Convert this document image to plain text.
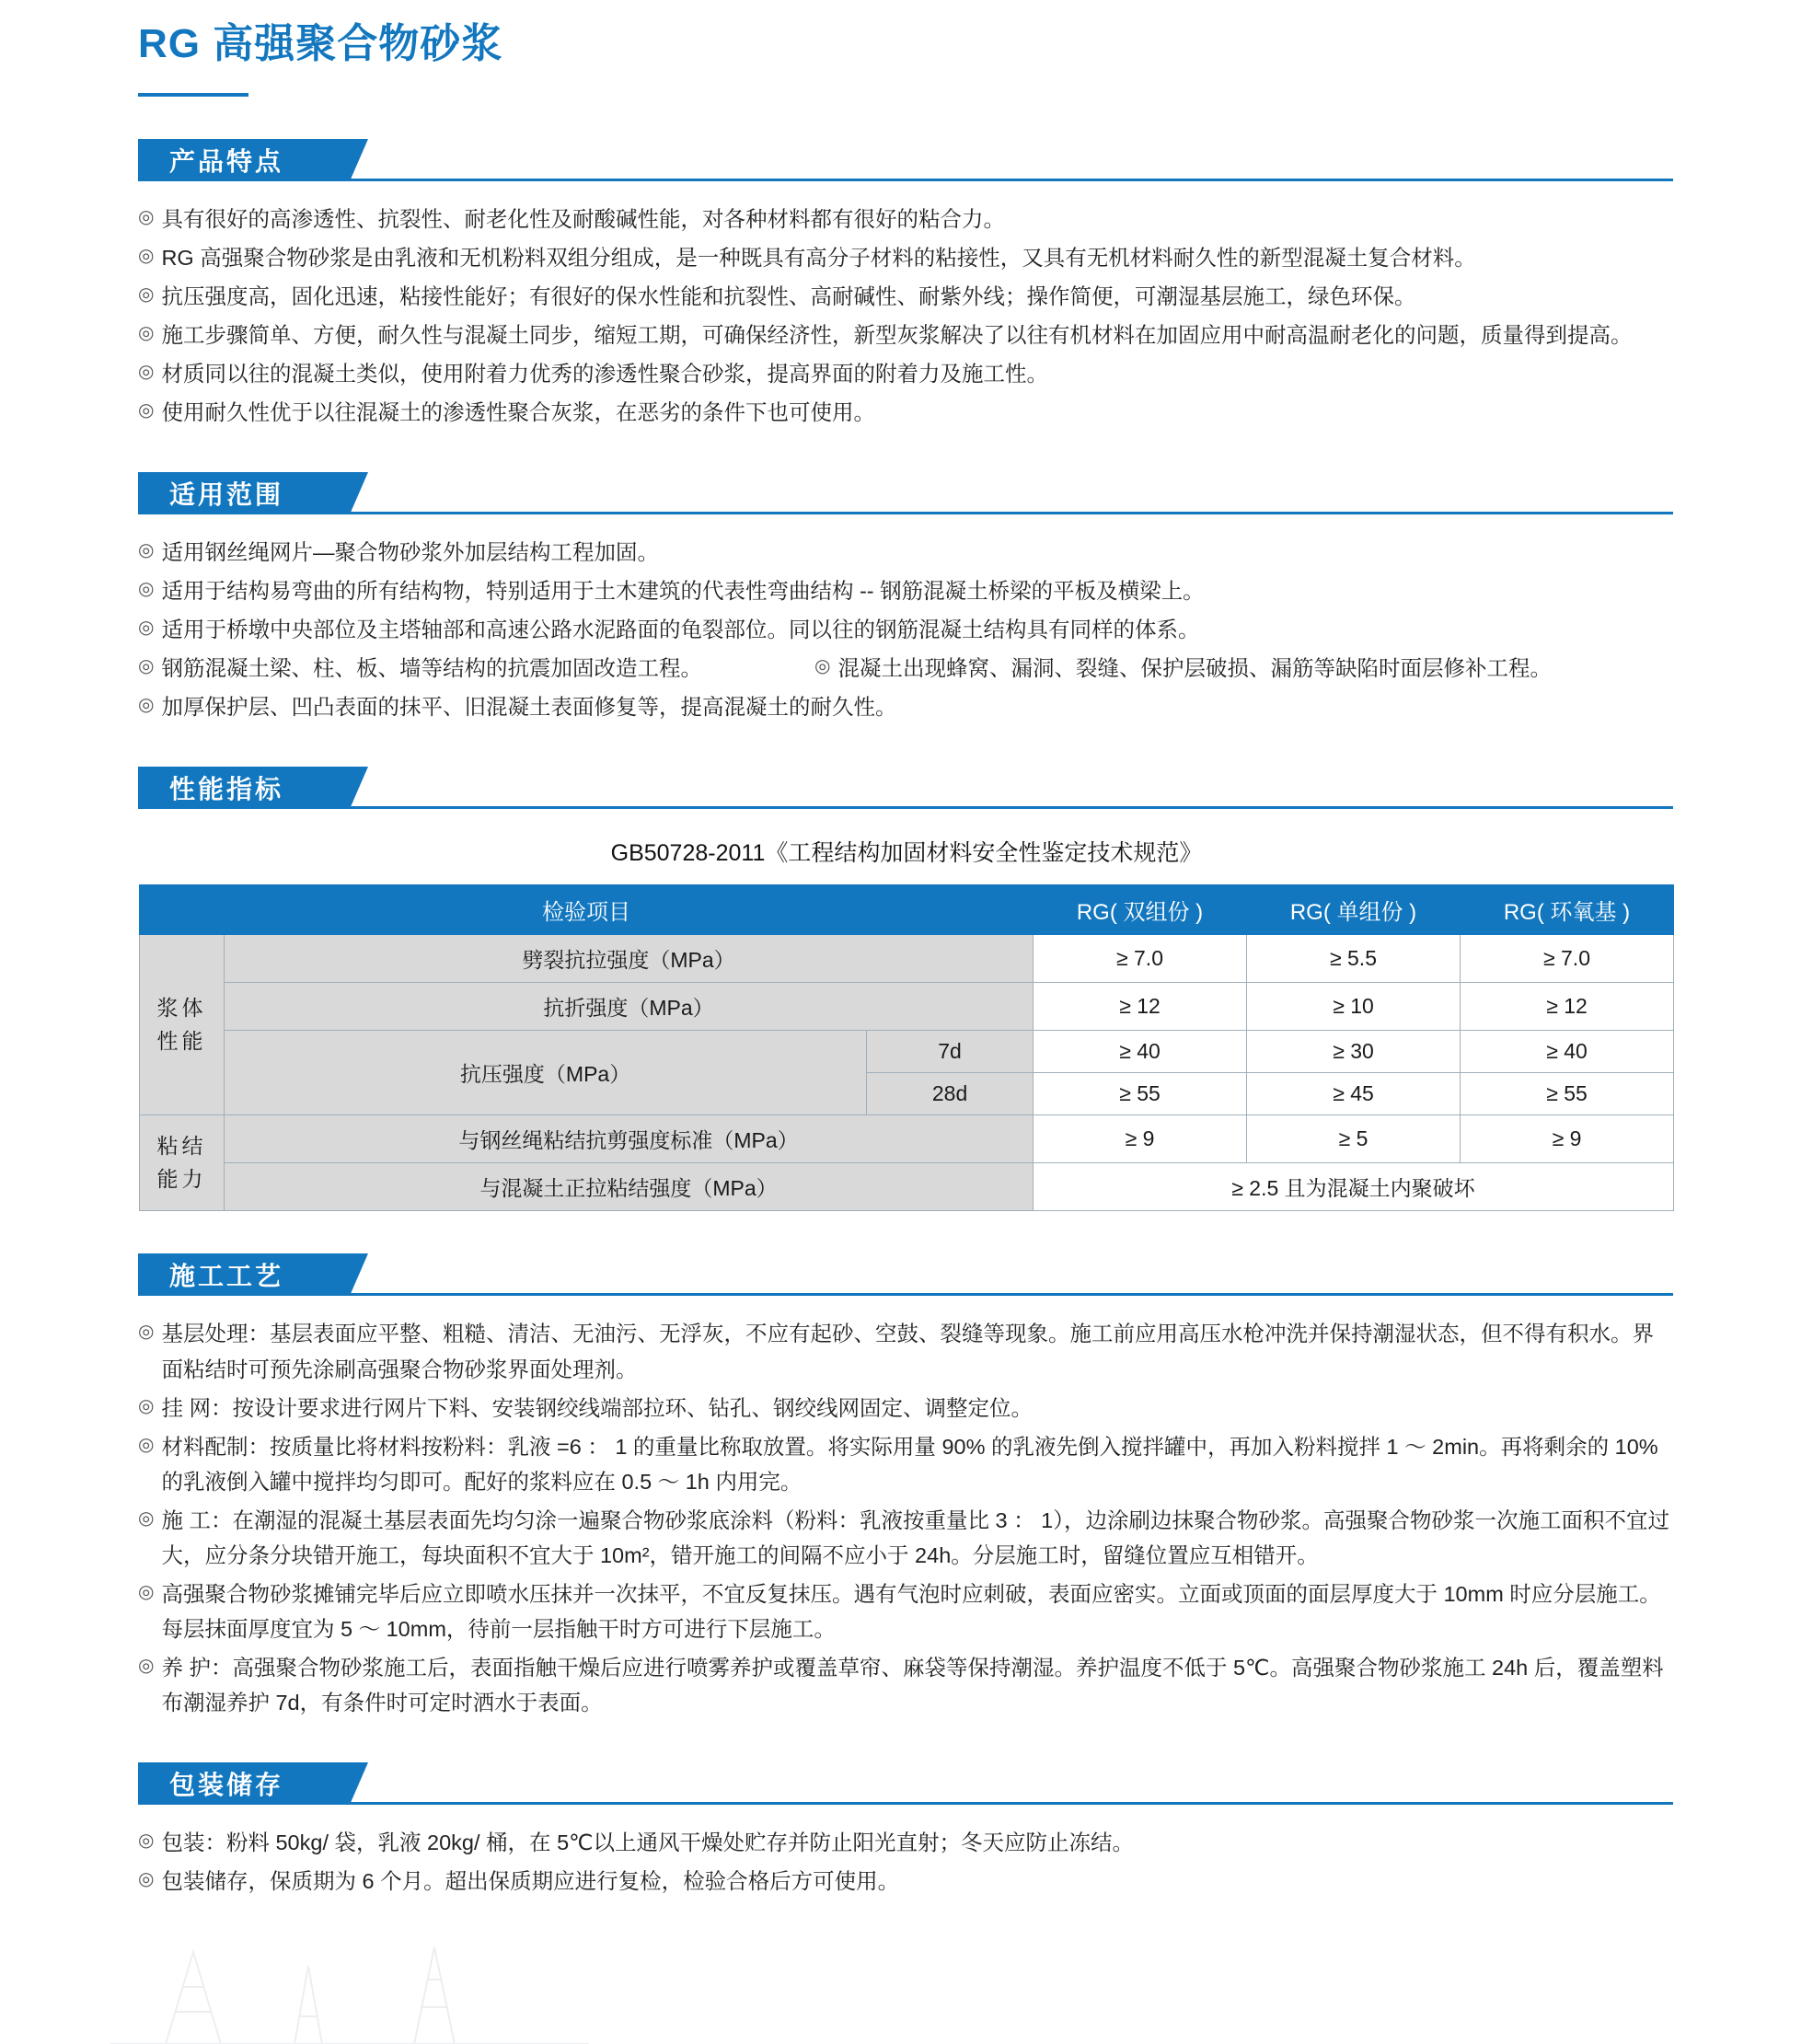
RG 高强聚合物砂浆
产品特点
◎ 具有很好的高渗透性、抗裂性、耐老化性及耐酸碱性能，对各种材料都有很好的粘合力。
◎ RG 高强聚合物砂浆是由乳液和无机粉料双组分组成，是一种既具有高分子材料的粘接性，又具有无机材料耐久性的新型混凝土复合材料。
◎ 抗压强度高，固化迅速，粘接性能好；有很好的保水性能和抗裂性、高耐碱性、耐紫外线；操作简便，可潮湿基层施工，绿色环保。
◎ 施工步骤简单、方便，耐久性与混凝土同步，缩短工期，可确保经济性，新型灰浆解决了以往有机材料在加固应用中耐高温耐老化的问题，质量得到提高。
◎ 材质同以往的混凝土类似，使用附着力优秀的渗透性聚合砂浆，提高界面的附着力及施工性。
◎ 使用耐久性优于以往混凝土的渗透性聚合灰浆，在恶劣的条件下也可使用。
适用范围
◎ 适用钢丝绳网片—聚合物砂浆外加层结构工程加固。
◎ 适用于结构易弯曲的所有结构物，特别适用于土木建筑的代表性弯曲结构 -- 钢筋混凝土桥梁的平板及横梁上。
◎ 适用于桥墩中央部位及主塔轴部和高速公路水泥路面的龟裂部位。同以往的钢筋混凝土结构具有同样的体系。
◎ 钢筋混凝土梁、柱、板、墙等结构的抗震加固改造工程。	◎ 混凝土出现蜂窝、漏洞、裂缝、保护层破损、漏筋等缺陷时面层修补工程。
◎ 加厚保护层、凹凸表面的抹平、旧混凝土表面修复等，提高混凝土的耐久性。
性能指标
GB50728-2011《工程结构加固材料安全性鉴定技术规范》
检验项目			RG( 双组份 )	RG( 单组份 )	RG( 环氧基 )
浆体性能	劈裂抗拉强度（MPa）		≥ 7.0	≥ 5.5	≥ 7.0
	抗折强度（MPa）		≥ 12	≥ 10	≥ 12
	抗压强度（MPa）	7d	≥ 40	≥ 30	≥ 40
		28d	≥ 55	≥ 45	≥ 55
粘结能力	与钢丝绳粘结抗剪强度标准（MPa）		≥ 9	≥ 5	≥ 9
	与混凝土正拉粘结强度（MPa）		≥ 2.5 且为混凝土内聚破坏		
施工工艺
◎ 基层处理：基层表面应平整、粗糙、清洁、无油污、无浮灰，不应有起砂、空鼓、裂缝等现象。施工前应用高压水枪冲洗并保持潮湿状态，但不得有积水。界面粘结时可预先涂刷高强聚合物砂浆界面处理剂。
◎ 挂 网：按设计要求进行网片下料、安装钢绞线端部拉环、钻孔、钢绞线网固定、调整定位。
◎ 材料配制：按质量比将材料按粉料：乳液 =6 ： 1 的重量比称取放置。将实际用量 90% 的乳液先倒入搅拌罐中，再加入粉料搅拌 1 ～ 2min。再将剩余的 10% 的乳液倒入罐中搅拌均匀即可。配好的浆料应在 0.5 ～ 1h 内用完。
◎ 施 工：在潮湿的混凝土基层表面先均匀涂一遍聚合物砂浆底涂料（粉料：乳液按重量比 3 ： 1），边涂刷边抹聚合物砂浆。高强聚合物砂浆一次施工面积不宜过大，应分条分块错开施工，每块面积不宜大于 10m²，错开施工的间隔不应小于 24h。分层施工时，留缝位置应互相错开。
◎ 高强聚合物砂浆摊铺完毕后应立即喷水压抹并一次抹平，不宜反复抹压。遇有气泡时应刺破，表面应密实。立面或顶面的面层厚度大于 10mm 时应分层施工。每层抹面厚度宜为 5 ～ 10mm，待前一层指触干时方可进行下层施工。
◎ 养 护：高强聚合物砂浆施工后，表面指触干燥后应进行喷雾养护或覆盖草帘、麻袋等保持潮湿。养护温度不低于 5℃。高强聚合物砂浆施工 24h 后，覆盖塑料布潮湿养护 7d，有条件时可定时洒水于表面。
包装储存
◎ 包装：粉料 50kg/ 袋，乳液 20kg/ 桶，在 5℃以上通风干燥处贮存并防止阳光直射；冬天应防止冻结。
◎ 包装储存，保质期为 6 个月。超出保质期应进行复检，检验合格后方可使用。
